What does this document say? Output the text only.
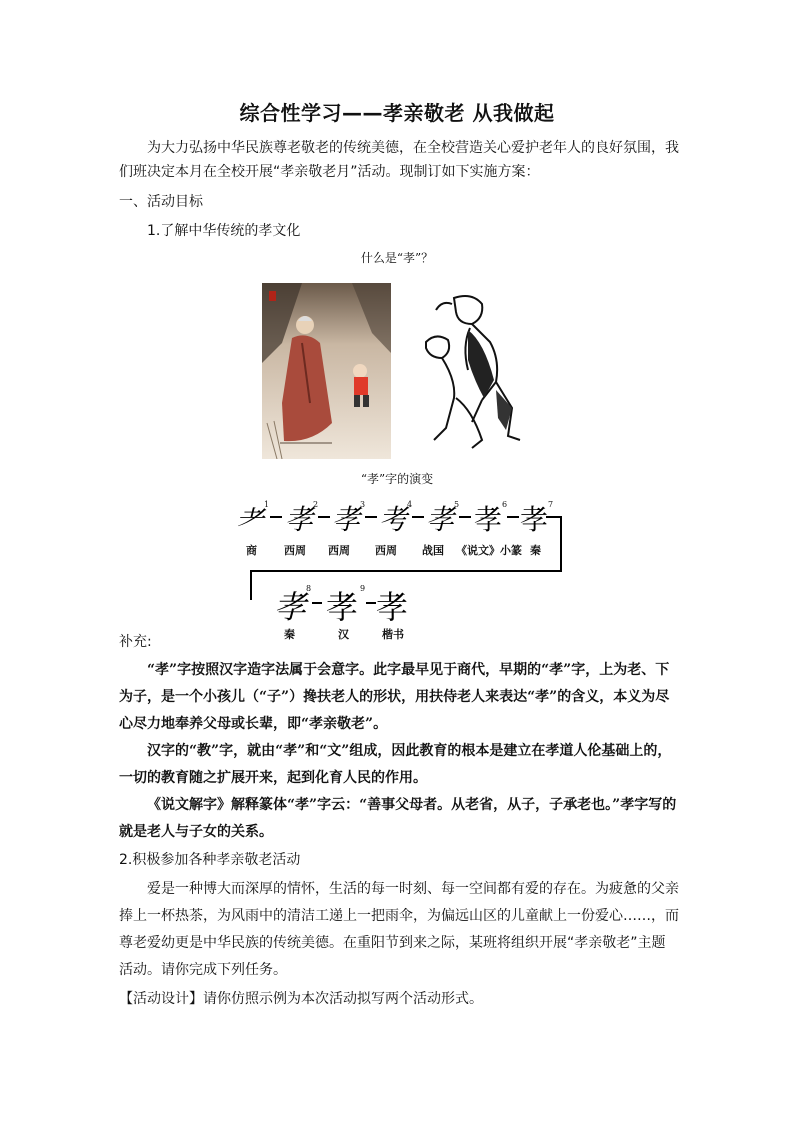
综合性学习——孝亲敬老 从我做起
为大力弘扬中华民族尊老敬老的传统美德，在全校营造关心爱护老年人的良好氛围，我们班决定本月在全校开展“孝亲敬老月”活动。现制订如下实施方案：
一、活动目标
1.了解中华传统的孝文化
什么是“孝”？
“孝”字的演变
耂 1 孝 2 孝 3 考 4 孝 5 孝 6 孝 7
商 西周 西周 西周 战国 《说文》小篆 秦
孝 8 孝 9 孝
秦	汉	楷书
补充:
“孝”字按照汉字造字法属于会意字。此字最早见于商代，早期的“孝”字，上为老、下为子，是一个小孩儿（“子”）搀扶老人的形状，用扶侍老人来表达“孝”的含义，本义为尽心尽力地奉养父母或长辈，即“孝亲敬老”。
汉字的“教”字，就由“孝”和“文”组成，因此教育的根本是建立在孝道人伦基础上的，一切的教育随之扩展开来，起到化育人民的作用。
《说文解字》解释篆体“孝”字云：“善事父母者。从老省，从子，子承老也。”孝字写的就是老人与子女的关系。
2.积极参加各种孝亲敬老活动
爱是一种博大而深厚的情怀，生活的每一时刻、每一空间都有爱的存在。为疲惫的父亲捧上一杯热茶，为风雨中的清洁工递上一把雨伞，为偏远山区的儿童献上一份爱心……，而尊老爱幼更是中华民族的传统美德。在重阳节到来之际，某班将组织开展“孝亲敬老”主题活动。请你完成下列任务。
【活动设计】请你仿照示例为本次活动拟写两个活动形式。
